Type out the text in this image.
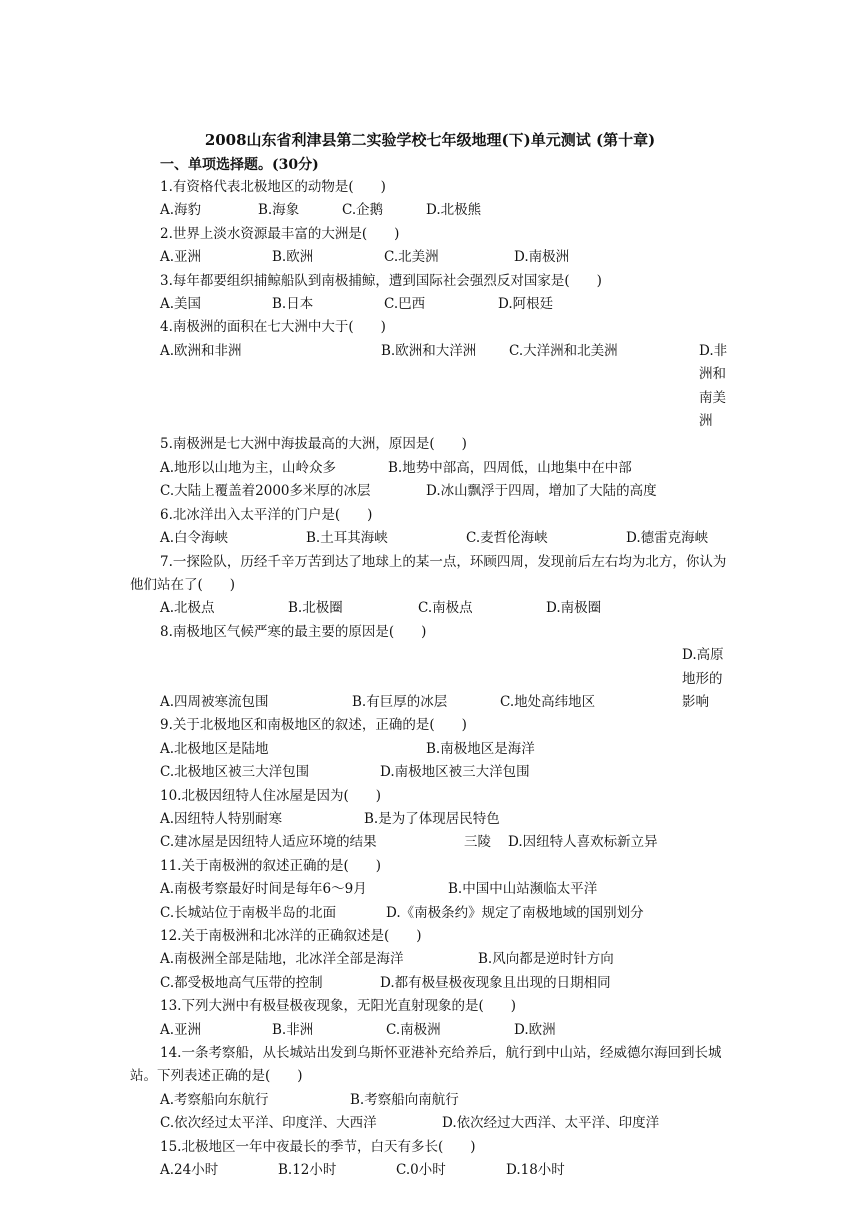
2008山东省利津县第二实验学校七年级地理(下)单元测试 (第十章)
一、单项选择题。(30分)
1.有资格代表北极地区的动物是(　　)
A.海豹	B.海象	C.企鹅	D.北极熊
2.世界上淡水资源最丰富的大洲是(　　)
A.亚洲	B.欧洲	C.北美洲	D.南极洲
3.每年都要组织捕鲸船队到南极捕鲸，遭到国际社会强烈反对国家是(　　)
A.美国	B.日本	C.巴西	D.阿根廷
4.南极洲的面积在七大洲中大于(　　)
A.欧洲和非洲	B.欧洲和大洋洲 C.大洋洲和北美洲	D.非洲和南美洲
5.南极洲是七大洲中海拔最高的大洲，原因是(　　)
A.地形以山地为主，山岭众多	B.地势中部高，四周低，山地集中在中部
C.大陆上覆盖着2000多米厚的冰层	D.冰山飘浮于四周，增加了大陆的高度
6.北冰洋出入太平洋的门户是(　　)
A.白令海峡	B.土耳其海峡	C.麦哲伦海峡	D.德雷克海峡
7.一探险队，历经千辛万苦到达了地球上的某一点，环顾四周，发现前后左右均为北方，你认为他们站在了(　　)
A.北极点	B.北极圈	C.南极点	D.南极圈
8.南极地区气候严寒的最主要的原因是(　　)
A.四周被寒流包围	B.有巨厚的冰层	C.地处高纬地区D.高原地形的影响
9.关于北极地区和南极地区的叙述，正确的是(　　)
A.北极地区是陆地	B.南极地区是海洋
C.北极地区被三大洋包围	D.南极地区被三大洋包围
10.北极因纽特人住冰屋是因为(　　)
A.因纽特人特别耐寒	B.是为了体现居民特色
C.建冰屋是因纽特人适应环境的结果	三陵 D.因纽特人喜欢标新立异
11.关于南极洲的叙述正确的是(　　)
A.南极考察最好时间是每年6～9月	B.中国中山站濒临太平洋
C.长城站位于南极半岛的北面	D.《南极条约》规定了南极地域的国别划分
12.关于南极洲和北冰洋的正确叙述是(　　)
A.南极洲全部是陆地，北冰洋全部是海洋	B.风向都是逆时针方向
C.都受极地高气压带的控制	D.都有极昼极夜现象且出现的日期相同
13.下列大洲中有极昼极夜现象，无阳光直射现象的是(　　)
A.亚洲	B.非洲	C.南极洲	D.欧洲
14.一条考察船，从长城站出发到乌斯怀亚港补充给养后，航行到中山站，经威德尔海回到长城站。下列表述正确的是(　　)
A.考察船向东航行	B.考察船向南航行
C.依次经过太平洋、印度洋、大西洋	D.依次经过大西洋、太平洋、印度洋
15.北极地区一年中夜最长的季节，白天有多长(　　)
A.24小时	B.12小时	C.0小时	D.18小时
